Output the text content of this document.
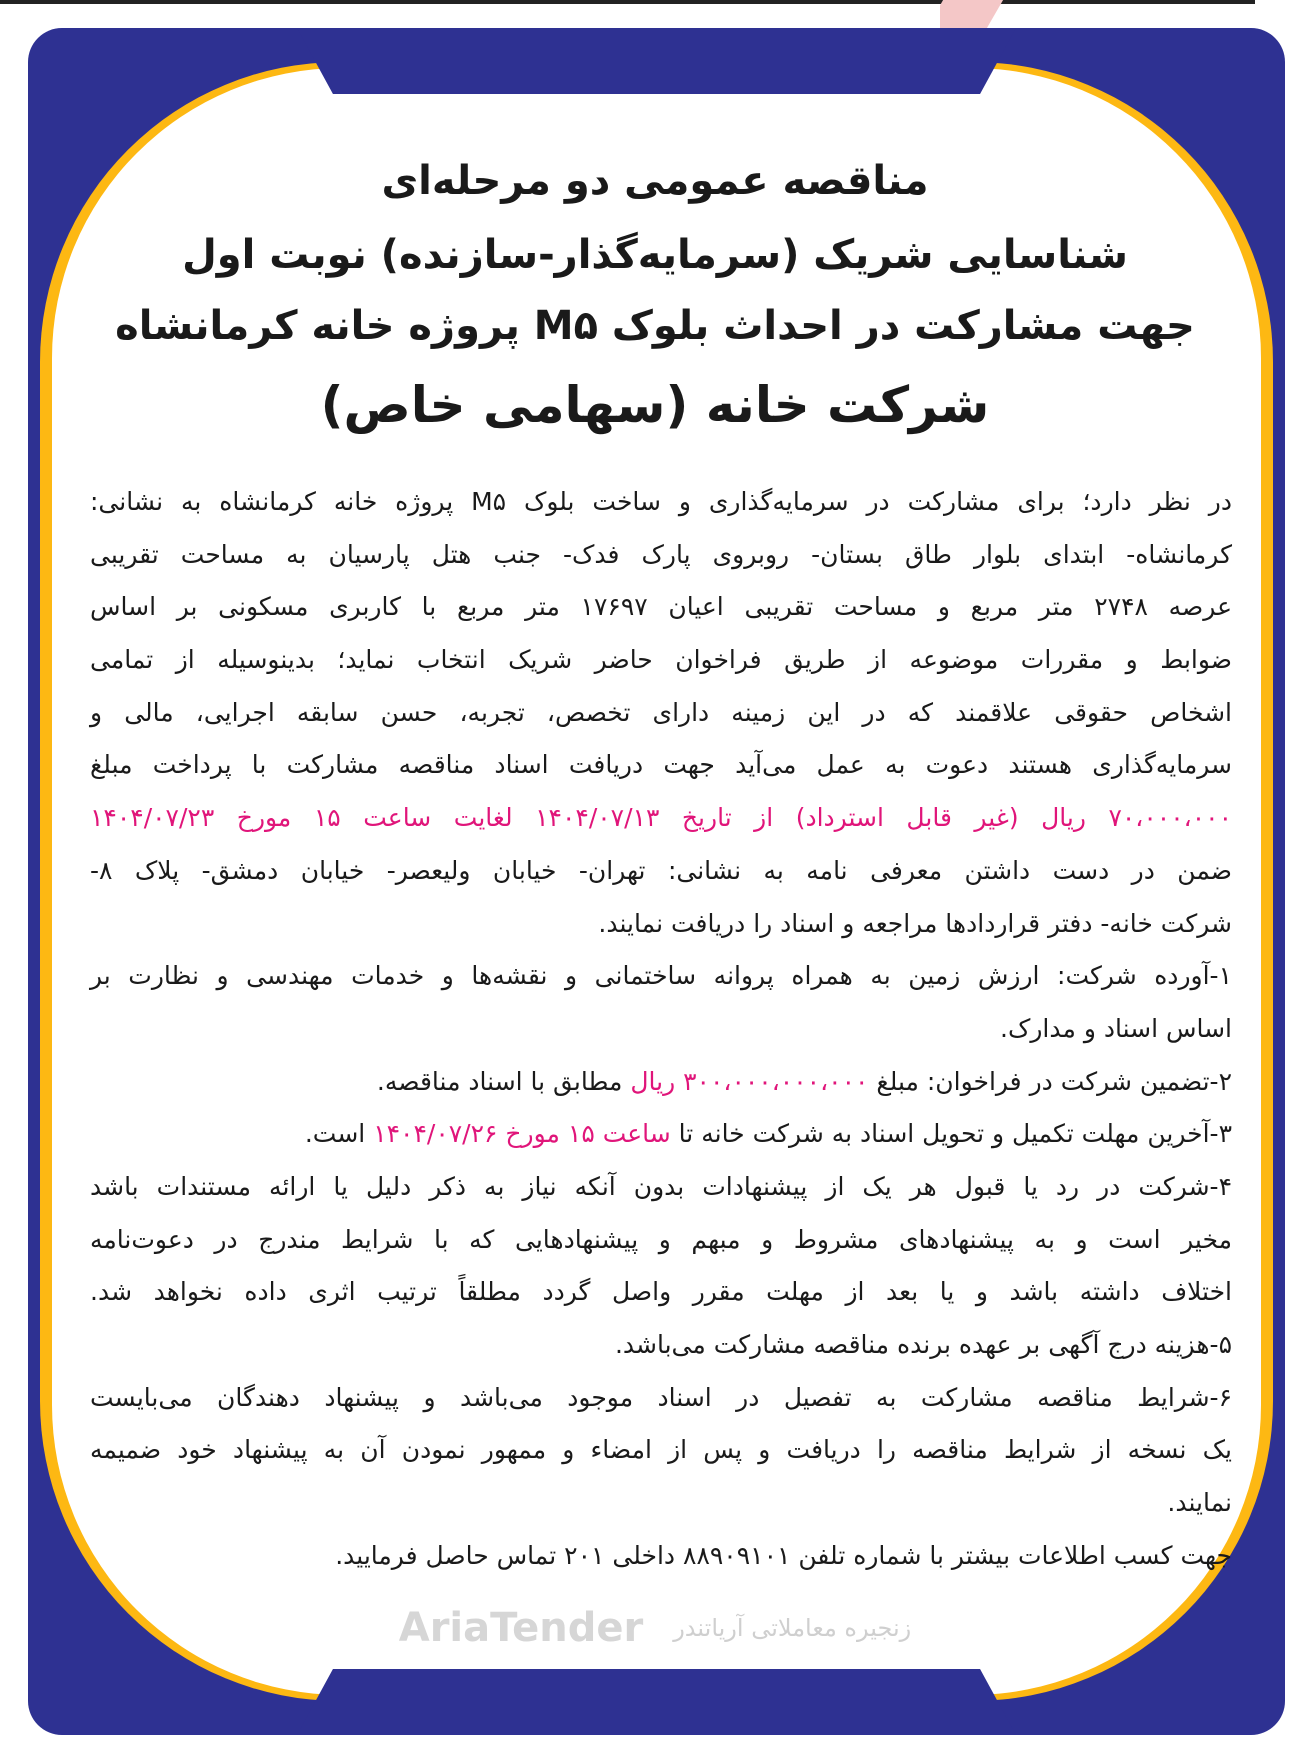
مناقصه عمومی دو مرحله‌ای
شناسایی شریک (سرمایه‌گذار-سازنده) نوبت اول
جهت مشارکت در احداث بلوک M۵ پروژه خانه کرمانشاه
شرکت خانه (سهامی خاص)
در نظر دارد؛ برای مشارکت در سرمایه‌گذاری و ساخت بلوک M۵ پروژه خانه کرمانشاه به نشانی:
کرمانشاه- ابتدای بلوار طاق بستان- روبروی پارک فدک- جنب هتل پارسیان به مساحت تقریبی
عرصه ۲۷۴۸ متر مربع و مساحت تقریبی اعیان ۱۷۶۹۷ متر مربع با کاربری مسکونی بر اساس
ضوابط و مقررات موضوعه از طریق فراخوان حاضر شریک انتخاب نماید؛ بدینوسیله از تمامی
اشخاص حقوقی علاقمند که در این زمینه دارای تخصص، تجربه، حسن سابقه اجرایی، مالی و
سرمایه‌گذاری هستند دعوت به عمل می‌آید جهت دریافت اسناد مناقصه مشارکت با پرداخت مبلغ
۷۰،۰۰۰،۰۰۰ ریال (غیر قابل استرداد) از تاریخ ۱۴۰۴/۰۷/۱۳ لغایت ساعت ۱۵ مورخ ۱۴۰۴/۰۷/۲۳
ضمن در دست داشتن معرفی نامه به نشانی: تهران- خیابان ولیعصر- خیابان دمشق- پلاک ۸-
شرکت خانه- دفتر قراردادها مراجعه و اسناد را دریافت نمایند.
۱-آورده شرکت: ارزش زمین به همراه پروانه ساختمانی و نقشه‌ها و خدمات مهندسی و نظارت بر
اساس اسناد و مدارک.
۲-تضمین شرکت در فراخوان: مبلغ ۳۰۰،۰۰۰،۰۰۰،۰۰۰ ریال مطابق با اسناد مناقصه.
۳-آخرین مهلت تکمیل و تحویل اسناد به شرکت خانه تا ساعت ۱۵ مورخ ۱۴۰۴/۰۷/۲۶ است.
۴-شرکت در رد یا قبول هر یک از پیشنهادات بدون آنکه نیاز به ذکر دلیل یا ارائه مستندات باشد
مخیر است و به پیشنهادهای مشروط و مبهم و پیشنهادهایی که با شرایط مندرج در دعوت‌نامه
اختلاف داشته باشد و یا بعد از مهلت مقرر واصل گردد مطلقاً ترتیب اثری داده نخواهد شد.
۵-هزینه درج آگهی بر عهده برنده مناقصه مشارکت می‌باشد.
۶-شرایط مناقصه مشارکت به تفصیل در اسناد موجود می‌باشد و پیشنهاد دهندگان می‌بایست
یک نسخه از شرایط مناقصه را دریافت و پس از امضاء و ممهور نمودن آن به پیشنهاد خود ضمیمه
نمایند.
جهت کسب اطلاعات بیشتر با شماره تلفن ۸۸۹۰۹۱۰۱ داخلی ۲۰۱ تماس حاصل فرمایید.
AriaTender زنجیره معاملاتی آریاتندر
